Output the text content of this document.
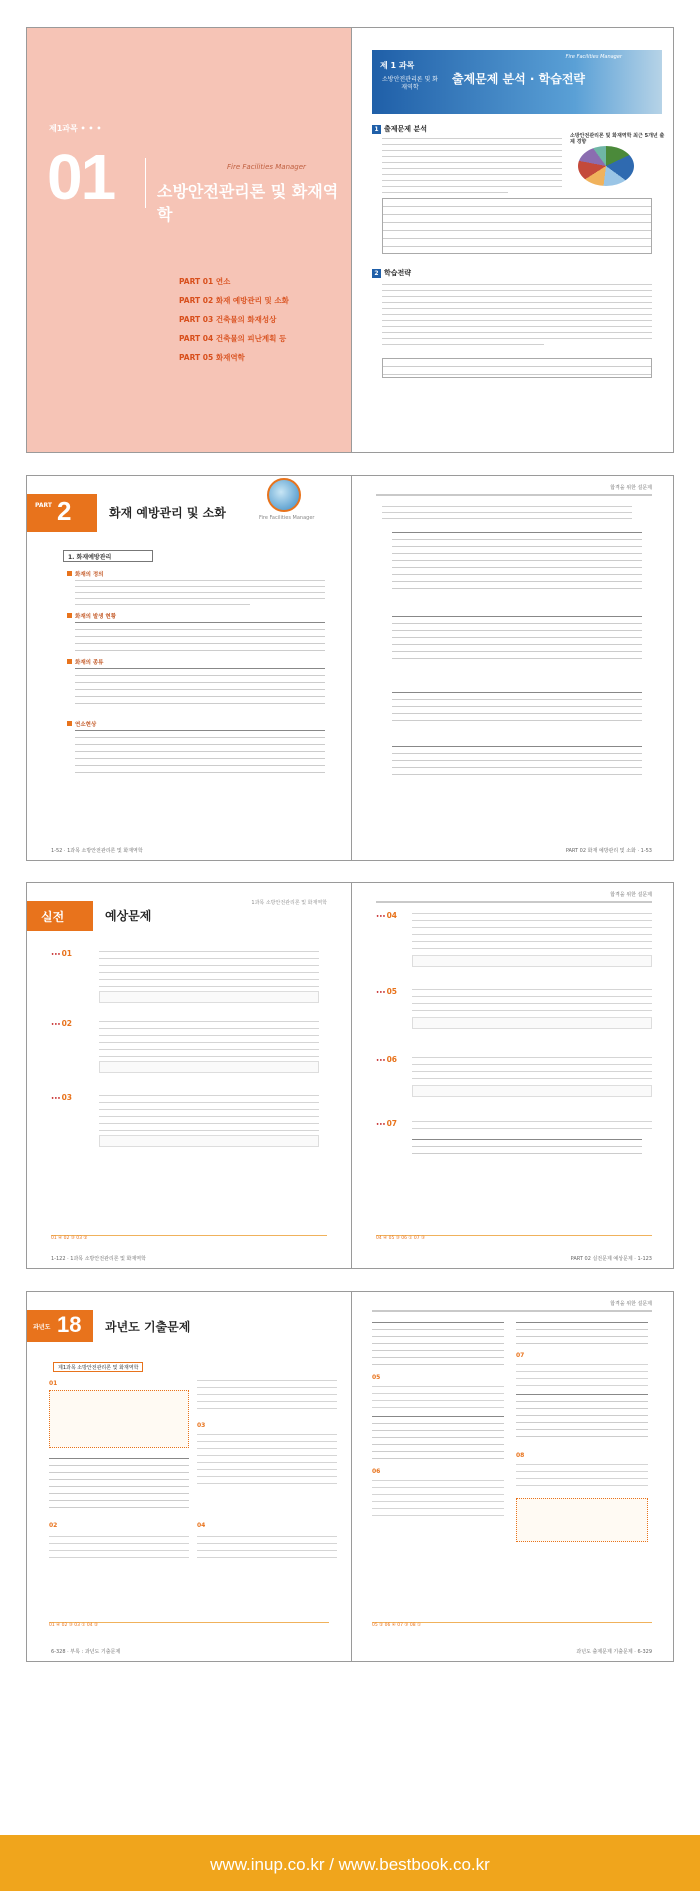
제1과목 • • •
01	Fire Facilities Manager
소방안전관리론 및 화재역학
PART 01 연소
PART 02 화재 예방관리 및 소화
PART 03 건축물의 화재성상
PART 04 건축물의 피난계획 등
PART 05 화재역학
Fire Facilities Manager
제 1 과목
소방안전관리론 및 화재역학
출제문제 분석 · 학습전략
1 출제문제 분석
소방안전관리론 및 화재역학 최근 5개년 출제 경향
2 학습전략
PART 2	화재 예방관리 및 소화	Fire Facilities Manager
1. 화재예방관리
화재의 정의
화재의 발생 현황
화재의 종류
연소현상
1-52 · 1과목 소방안전관리론 및 화재역학
합격을 위한 설문제
PART 02 화재 예방관리 및 소화 · 1-53
1과목 소방안전관리론 및 화재역학
실전	예상문제
•••01
•••02
•••03
01 ④ 02 ③ 03 ②
1-122 · 1과목 소방안전관리론 및 화재역학
합격을 위한 설문제
•••04
•••05
•••06
•••07
04 ④ 05 ③ 06 ① 07 ③
PART 02 실전문제 예상문제 · 1-123
과년도 18 과년도 기출문제
제1과목 소방안전관리론 및 화재역학
01
02
03
04
01 ④ 02 ③ 03 ① 04 ②
6-328 · 부록 : 과년도 기출문제
합격을 위한 설문제
05
06
07
08
05 ② 06 ④ 07 ③ 08 ①
과년도 출제문제 기출문제 · 6-329
www.inup.co.kr / www.bestbook.co.kr
